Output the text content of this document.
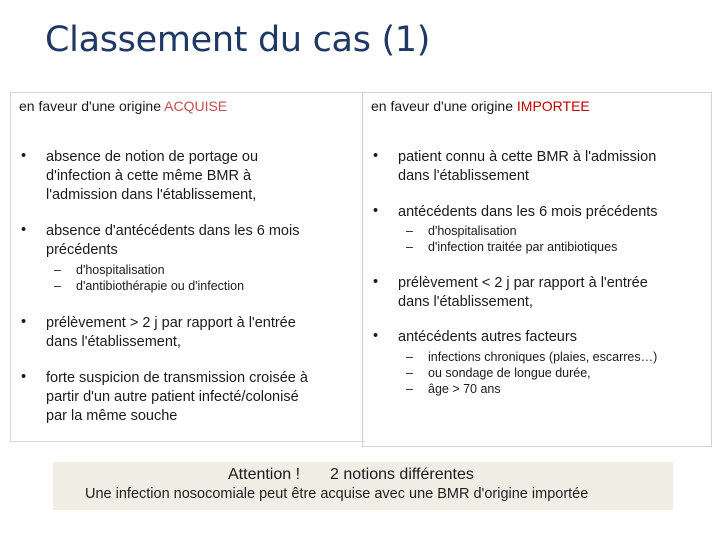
Classement du cas (1)
en faveur d'une origine ACQUISE
• absence de notion de portage ou
d'infection à cette même BMR à
l'admission dans l'établissement,
• absence d'antécédents dans les 6 mois
précédents
– d'hospitalisation
– d'antibiothérapie ou d'infection
• prélèvement > 2 j par rapport à l'entrée
dans l'établissement,
• forte suspicion de transmission croisée à
partir d'un autre patient infecté/colonisé
par la même souche
en faveur d'une origine IMPORTEE
• patient connu à cette BMR à l'admission
dans l'établissement
• antécédents dans les 6 mois précédents
– d'hospitalisation
– d'infection traitée par antibiotiques
• prélèvement < 2 j par rapport à l'entrée
dans l'établissement,
• antécédents autres facteurs
– infections chroniques (plaies, escarres…)
– ou sondage de longue durée,
– âge > 70 ans
Attention ! 2 notions différentes
Une infection nosocomiale peut être acquise avec une BMR d'origine importée
